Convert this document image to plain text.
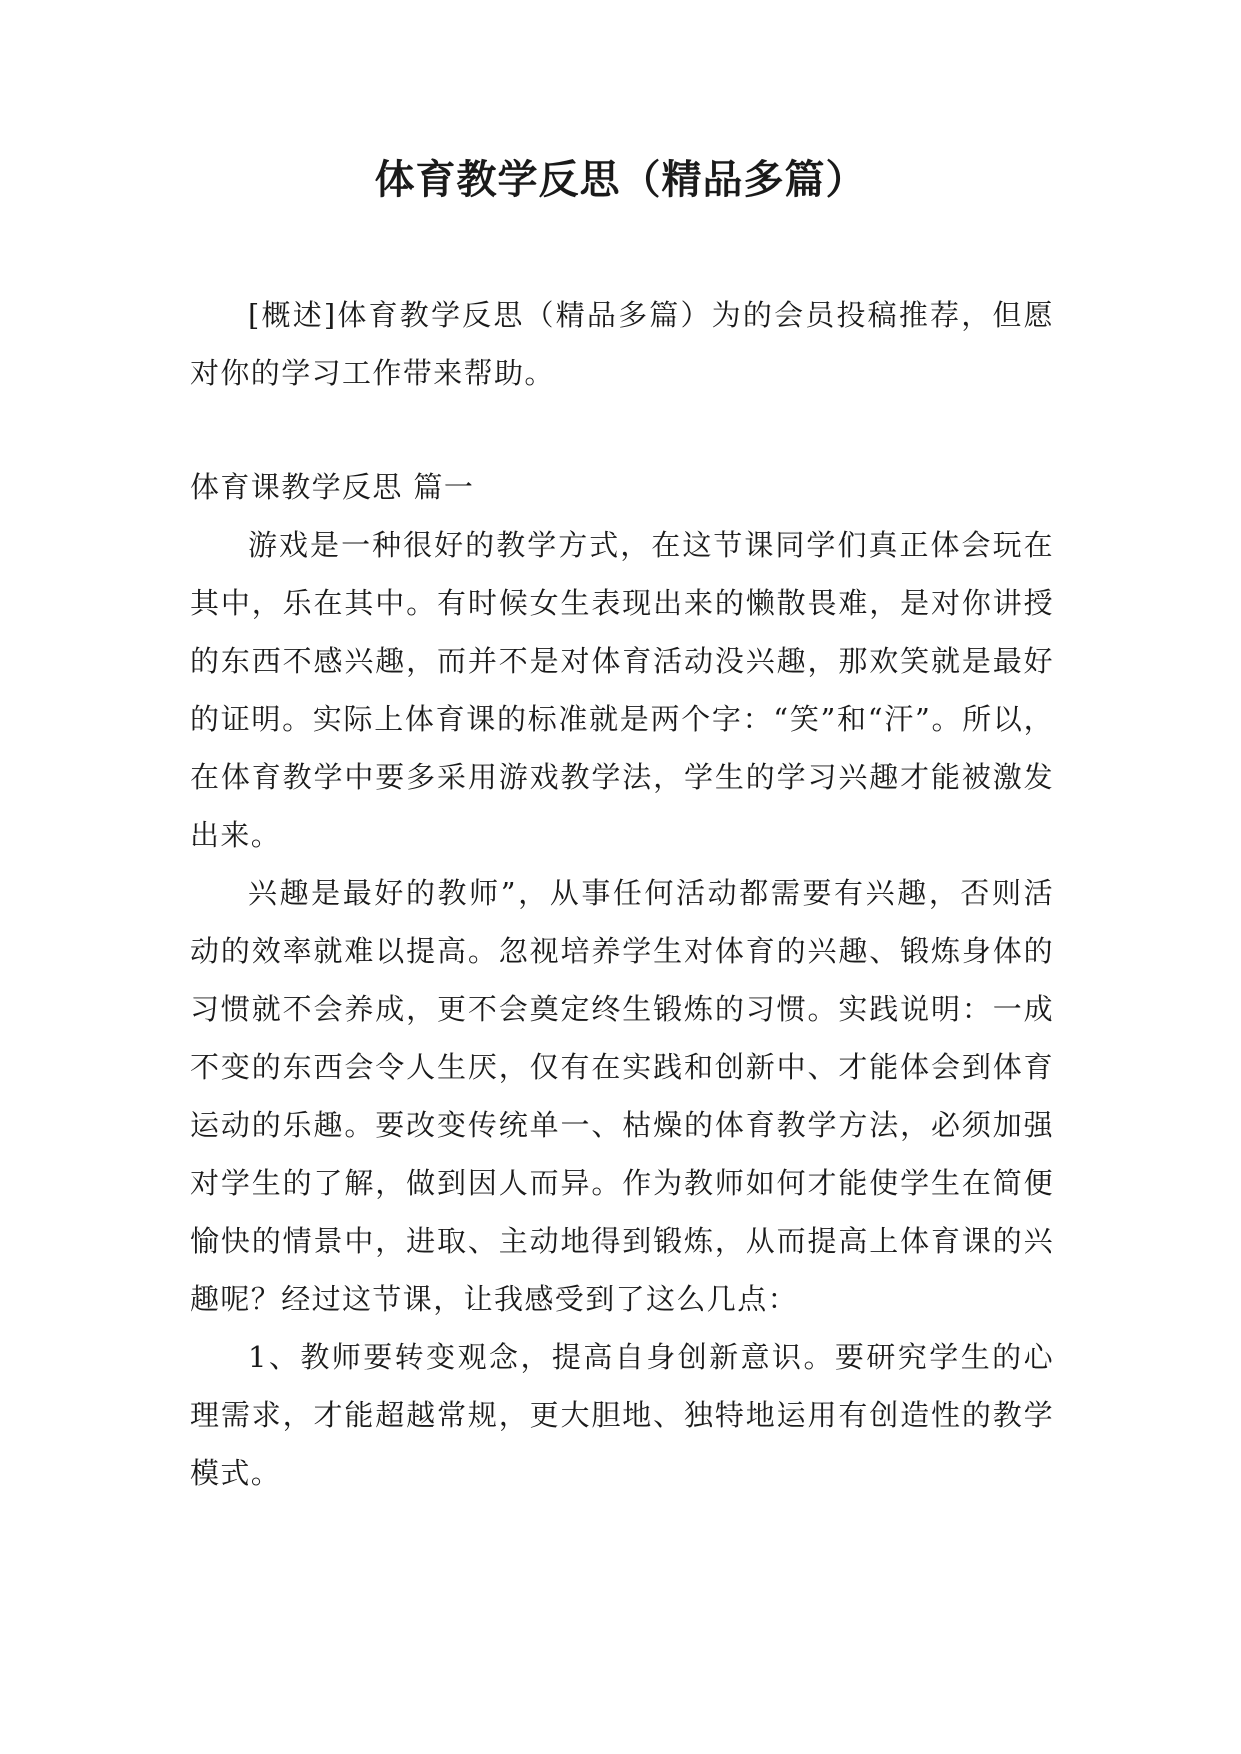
体育教学反思（精品多篇）

[概述]体育教学反思（精品多篇）为的会员投稿推荐，但愿对你的学习工作带来帮助。

体育课教学反思 篇一

游戏是一种很好的教学方式，在这节课同学们真正体会玩在其中，乐在其中。有时候女生表现出来的懒散畏难，是对你讲授的东西不感兴趣，而并不是对体育活动没兴趣，那欢笑就是最好的证明。实际上体育课的标准就是两个字：“笑”和“汗”。所以，在体育教学中要多采用游戏教学法，学生的学习兴趣才能被激发出来。

兴趣是最好的教师”，从事任何活动都需要有兴趣，否则活动的效率就难以提高。忽视培养学生对体育的兴趣、锻炼身体的习惯就不会养成，更不会奠定终生锻炼的习惯。实践说明：一成不变的东西会令人生厌，仅有在实践和创新中、才能体会到体育运动的乐趣。要改变传统单一、枯燥的体育教学方法，必须加强对学生的了解，做到因人而异。作为教师如何才能使学生在简便愉快的情景中，进取、主动地得到锻炼，从而提高上体育课的兴趣呢？经过这节课，让我感受到了这么几点：

1、教师要转变观念，提高自身创新意识。要研究学生的心理需求，才能超越常规，更大胆地、独特地运用有创造性的教学模式。
